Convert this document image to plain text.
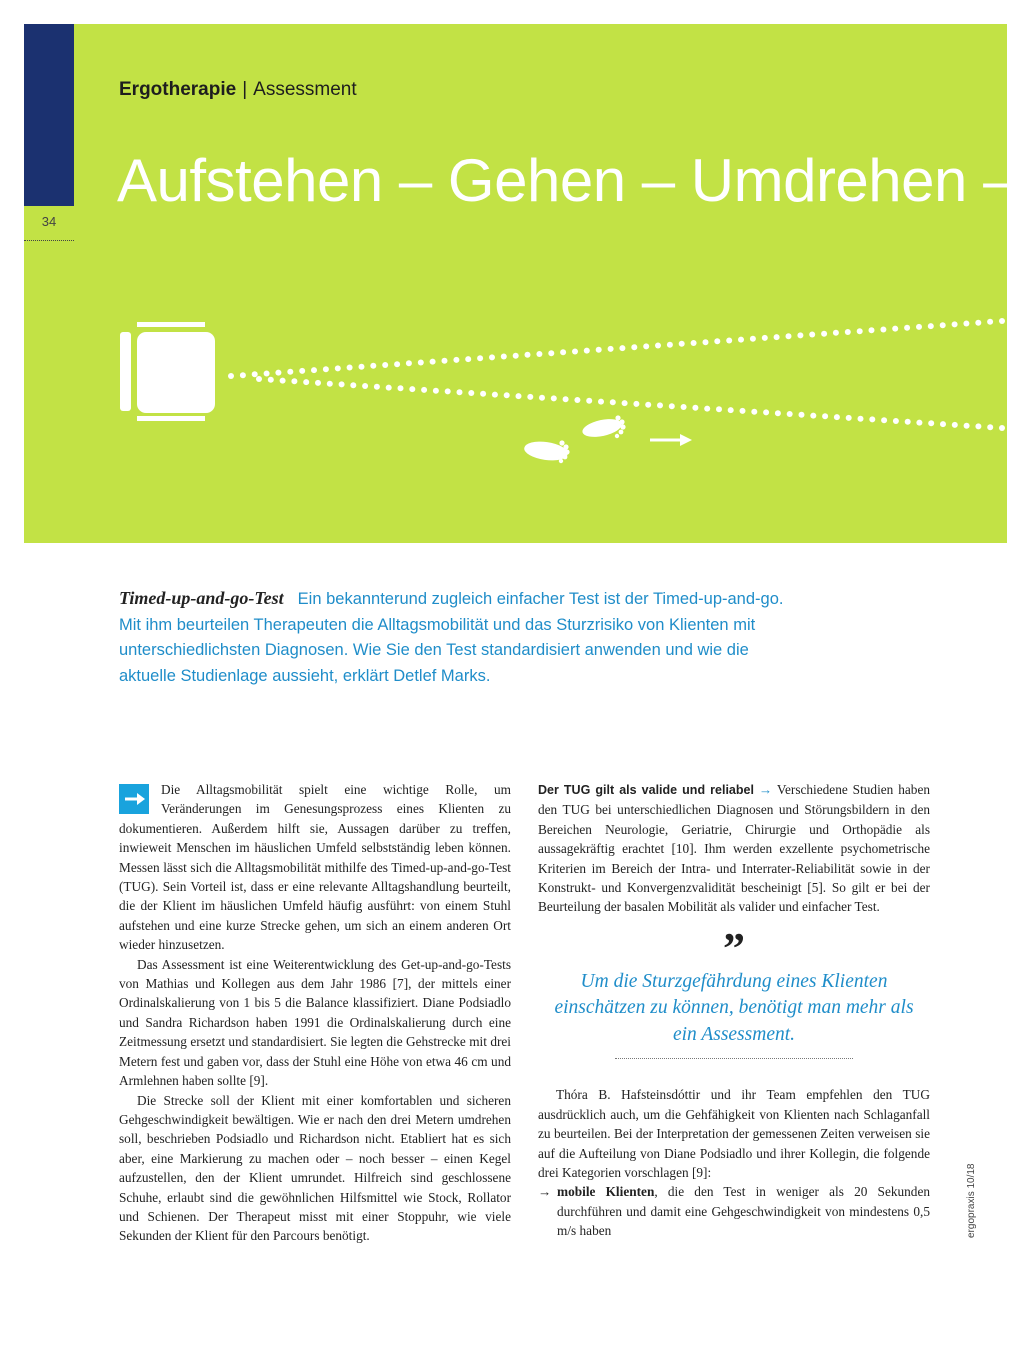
34
Ergotherapie | Assessment
Aufstehen – Gehen – Umdrehen –
Timed-up-and-go-Test Ein bekannterund zugleich einfacher Test ist der Timed-up-and-go. Mit ihm beurteilen Therapeuten die Alltagsmobilität und das Sturzrisiko von Klienten mit unterschiedlichsten Diagnosen. Wie Sie den Test standardisiert anwenden und wie die aktuelle Studienlage aussieht, erklärt Detlef Marks.

Die Alltagsmobilität spielt eine wichtige Rolle, um Veränderungen im Genesungsprozess eines Klienten zu dokumentieren. Außerdem hilft sie, Aussagen darüber zu treffen, inwieweit Menschen im häuslichen Umfeld selbstständig leben können. Messen lässt sich die Alltagsmobilität mithilfe des Timed-up-and-go-Test (TUG). Sein Vorteil ist, dass er eine relevante Alltagshandlung beurteilt, die der Klient im häuslichen Umfeld häufig ausführt: von einem Stuhl aufstehen und eine kurze Strecke gehen, um sich an einem anderen Ort wieder hinzusetzen.

Das Assessment ist eine Weiterentwicklung des Get-up-and-go-Tests von Mathias und Kollegen aus dem Jahr 1986 [7], der mittels einer Ordinalskalierung von 1 bis 5 die Balance klassifiziert. Diane Podsiadlo und Sandra Richardson haben 1991 die Ordinalskalierung durch eine Zeitmessung ersetzt und standardisiert. Sie legten die Gehstrecke mit drei Metern fest und gaben vor, dass der Stuhl eine Höhe von etwa 46 cm und Armlehnen haben sollte [9].

Die Strecke soll der Klient mit einer komfortablen und sicheren Gehgeschwindigkeit bewältigen. Wie er nach den drei Metern umdrehen soll, beschrieben Podsiadlo und Richardson nicht. Etabliert hat es sich aber, eine Markierung zu machen oder – noch besser – einen Kegel aufzustellen, den der Klient umrundet. Hilfreich sind geschlossene Schuhe, erlaubt sind die gewöhnlichen Hilfsmittel wie Stock, Rollator und Schienen. Der Therapeut misst mit einer Stoppuhr, wie viele Sekunden der Klient für den Parcours benötigt.

Der TUG gilt als valide und reliabel → Verschiedene Studien haben den TUG bei unterschiedlichen Diagnosen und Störungsbildern in den Bereichen Neurologie, Geriatrie, Chirurgie und Orthopädie als aussagekräftig erachtet [10]. Ihm werden exzellente psychometrische Kriterien im Bereich der Intra- und Interrater-Reliabilität sowie in der Konstrukt- und Konvergenzvalidität bescheinigt [5]. So gilt er bei der Beurteilung der basalen Mobilität als valider und einfacher Test.

”
Um die Sturzgefährdung eines Klienten einschätzen zu können, benötigt man mehr als ein Assessment.

Thóra B. Hafsteinsdóttir und ihr Team empfehlen den TUG ausdrücklich auch, um die Gehfähigkeit von Klienten nach Schlaganfall zu beurteilen. Bei der Interpretation der gemessenen Zeiten verweisen sie auf die Aufteilung von Diane Podsiadlo und ihrer Kollegin, die folgende drei Kategorien vorschlagen [9]:

→ mobile Klienten, die den Test in weniger als 20 Sekunden durchführen und damit eine Gehgeschwindigkeit von mindestens 0,5 m/s haben	ergopraxis 10/18
